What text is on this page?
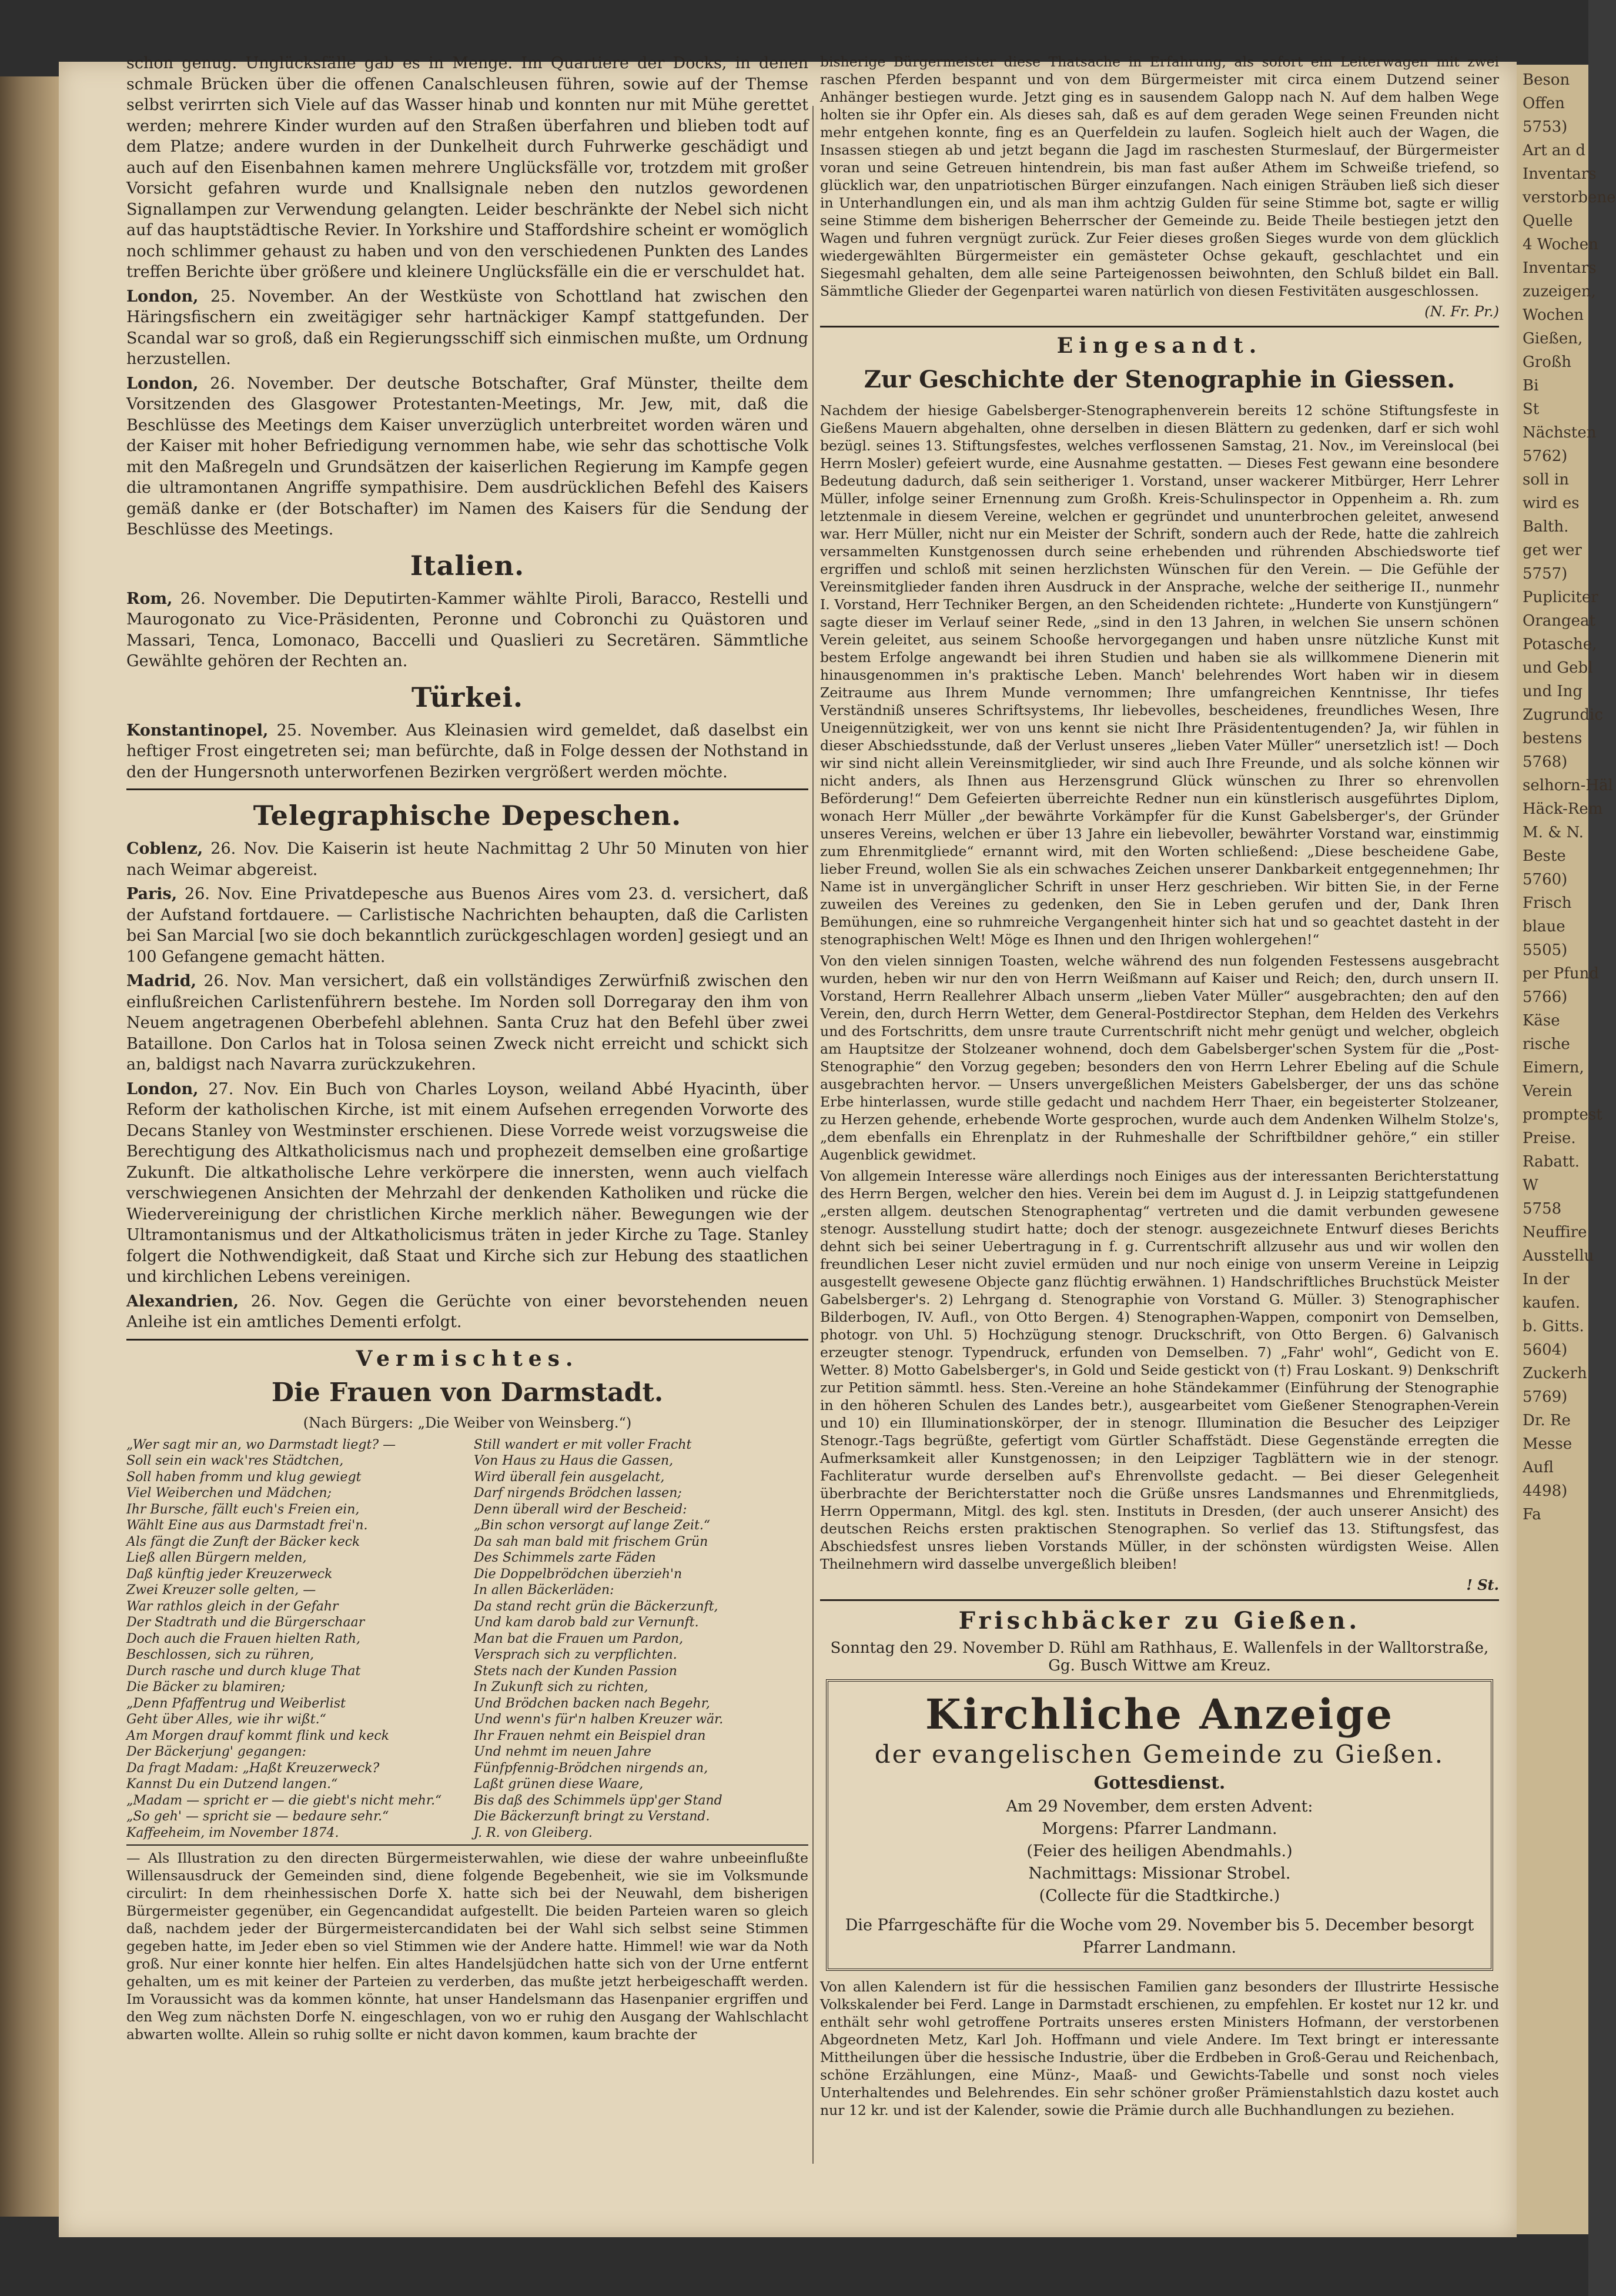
Beson
Offen
5753)
Art an d
Inventars
verstorbene
Quelle
4 Wochen
Inventars
zuzeigen,
Wochen
Gießen,
Großh
Bi
St
Nächsten
5762)
soll in
wird es
Balth.
get wer
5757)
Pupliciter
Orangeat
Potasche,
und Gebl
und Ing
Zugrundic
bestens
5768)
selhorn-Häl
Häck-Rem
M. & N.
Beste
5760)
Frisch
blaue
5505)
per Pfund
5766)
Käse
rische
Eimern,
Verein
promptest
Preise.
Rabatt.
W
5758
Neuffire
Ausstellu
In der
kaufen.
b. Gitts.
5604)
Zuckerh
5769)
Dr. Re
Messe
Aufl
4498)
Fa

schon genug. Unglücksfälle gab es in Menge. Im Quartiere der Docks, in denen schmale Brücken über die offenen Canalschleusen führen, sowie auf der Themse selbst verirrten sich Viele auf das Wasser hinab und konnten nur mit Mühe gerettet werden; mehrere Kinder wurden auf den Straßen überfahren und blieben todt auf dem Platze; andere wurden in der Dunkelheit durch Fuhrwerke geschädigt und auch auf den Eisenbahnen kamen mehrere Unglücksfälle vor, trotzdem mit großer Vorsicht gefahren wurde und Knallsignale neben den nutzlos gewordenen Signallampen zur Verwendung gelangten. Leider beschränkte der Nebel sich nicht auf das hauptstädtische Revier. In Yorkshire und Staffordshire scheint er womöglich noch schlimmer gehaust zu haben und von den verschiedenen Punkten des Landes treffen Berichte über größere und kleinere Unglücksfälle ein die er verschuldet hat.

London, 25. November. An der Westküste von Schottland hat zwischen den Häringsfischern ein zweitägiger sehr hartnäckiger Kampf stattgefunden. Der Scandal war so groß, daß ein Regierungsschiff sich einmischen mußte, um Ordnung herzustellen.

London, 26. November. Der deutsche Botschafter, Graf Münster, theilte dem Vorsitzenden des Glasgower Protestanten-Meetings, Mr. Jew, mit, daß die Beschlüsse des Meetings dem Kaiser unverzüglich unterbreitet worden wären und der Kaiser mit hoher Befriedigung vernommen habe, wie sehr das schottische Volk mit den Maßregeln und Grundsätzen der kaiserlichen Regierung im Kampfe gegen die ultramontanen Angriffe sympathisire. Dem ausdrücklichen Befehl des Kaisers gemäß danke er (der Botschafter) im Namen des Kaisers für die Sendung der Beschlüsse des Meetings.

Italien.

Rom, 26. November. Die Deputirten-Kammer wählte Piroli, Baracco, Restelli und Maurogonato zu Vice-Präsidenten, Peronne und Cobronchi zu Quästoren und Massari, Tenca, Lomonaco, Baccelli und Quaslieri zu Secretären. Sämmtliche Gewählte gehören der Rechten an.

Türkei.

Konstantinopel, 25. November. Aus Kleinasien wird gemeldet, daß daselbst ein heftiger Frost eingetreten sei; man befürchte, daß in Folge dessen der Nothstand in den der Hungersnoth unterworfenen Bezirken vergrößert werden möchte.

Telegraphische Depeschen.

Coblenz, 26. Nov. Die Kaiserin ist heute Nachmittag 2 Uhr 50 Minuten von hier nach Weimar abgereist.

Paris, 26. Nov. Eine Privatdepesche aus Buenos Aires vom 23. d. versichert, daß der Aufstand fortdauere. — Carlistische Nachrichten behaupten, daß die Carlisten bei San Marcial [wo sie doch bekanntlich zurückgeschlagen worden] gesiegt und an 100 Gefangene gemacht hätten.

Madrid, 26. Nov. Man versichert, daß ein vollständiges Zerwürfniß zwischen den einflußreichen Carlistenführern bestehe. Im Norden soll Dorregaray den ihm von Neuem angetragenen Oberbefehl ablehnen. Santa Cruz hat den Befehl über zwei Bataillone. Don Carlos hat in Tolosa seinen Zweck nicht erreicht und schickt sich an, baldigst nach Navarra zurückzukehren.

London, 27. Nov. Ein Buch von Charles Loyson, weiland Abbé Hyacinth, über Reform der katholischen Kirche, ist mit einem Aufsehen erregenden Vorworte des Decans Stanley von Westminster erschienen. Diese Vorrede weist vorzugsweise die Berechtigung des Altkatholicismus nach und prophezeit demselben eine großartige Zukunft. Die altkatholische Lehre verkörpere die innersten, wenn auch vielfach verschwiegenen Ansichten der Mehrzahl der denkenden Katholiken und rücke die Wiedervereinigung der christlichen Kirche merklich näher. Bewegungen wie der Ultramontanismus und der Altkatholicismus träten in jeder Kirche zu Tage. Stanley folgert die Nothwendigkeit, daß Staat und Kirche sich zur Hebung des staatlichen und kirchlichen Lebens vereinigen.

Alexandrien, 26. Nov. Gegen die Gerüchte von einer bevorstehenden neuen Anleihe ist ein amtliches Dementi erfolgt.

Vermischtes.
Die Frauen von Darmstadt.
(Nach Bürgers: „Die Weiber von Weinsberg.“)
„Wer sagt mir an, wo Darmstadt liegt? —
Soll sein ein wack'res Städtchen,
Soll haben fromm und klug gewiegt
Viel Weiberchen und Mädchen;
Ihr Bursche, fällt euch's Freien ein,
Wählt Eine aus aus Darmstadt frei'n.
Als fängt die Zunft der Bäcker keck
Ließ allen Bürgern melden,
Daß künftig jeder Kreuzerweck
Zwei Kreuzer solle gelten, —
War rathlos gleich in der Gefahr
Der Stadtrath und die Bürgerschaar
Doch auch die Frauen hielten Rath,
Beschlossen, sich zu rühren,
Durch rasche und durch kluge That
Die Bäcker zu blamiren;
„Denn Pfaffentrug und Weiberlist
Geht über Alles, wie ihr wißt.“
Am Morgen drauf kommt flink und keck
Der Bäckerjung' gegangen:
Da fragt Madam: „Haßt Kreuzerweck?
Kannst Du ein Dutzend langen.“
„Madam — spricht er — die giebt's nicht mehr.“
„So geh' — spricht sie — bedaure sehr.“
Kaffeeheim, im November 1874.
Still wandert er mit voller Fracht
Von Haus zu Haus die Gassen,
Wird überall fein ausgelacht,
Darf nirgends Brödchen lassen;
Denn überall wird der Bescheid:
„Bin schon versorgt auf lange Zeit.“
Da sah man bald mit frischem Grün
Des Schimmels zarte Fäden
Die Doppelbrödchen überzieh'n
In allen Bäckerläden:
Da stand recht grün die Bäckerzunft,
Und kam darob bald zur Vernunft.
Man bat die Frauen um Pardon,
Versprach sich zu verpflichten.
Stets nach der Kunden Passion
In Zukunft sich zu richten,
Und Brödchen backen nach Begehr,
Und wenn's für'n halben Kreuzer wär.
Ihr Frauen nehmt ein Beispiel dran
Und nehmt im neuen Jahre
Fünfpfennig-Brödchen nirgends an,
Laßt grünen diese Waare,
Bis daß des Schimmels üpp'ger Stand
Die Bäckerzunft bringt zu Verstand.
J. R. von Gleiberg.

— Als Illustration zu den directen Bürgermeisterwahlen, wie diese der wahre unbeeinflußte Willensausdruck der Gemeinden sind, diene folgende Begebenheit, wie sie im Volksmunde circulirt: In dem rheinhessischen Dorfe X. hatte sich bei der Neuwahl, dem bisherigen Bürgermeister gegenüber, ein Gegencandidat aufgestellt. Die beiden Parteien waren so gleich daß, nachdem jeder der Bürgermeistercandidaten bei der Wahl sich selbst seine Stimmen gegeben hatte, im Jeder eben so viel Stimmen wie der Andere hatte. Himmel! wie war da Noth groß. Nur einer konnte hier helfen. Ein altes Handelsjüdchen hatte sich von der Urne entfernt gehalten, um es mit keiner der Parteien zu verderben, das mußte jetzt herbeigeschafft werden. Im Voraussicht was da kommen könnte, hat unser Handelsmann das Hasenpanier ergriffen und den Weg zum nächsten Dorfe N. eingeschlagen, von wo er ruhig den Ausgang der Wahlschlacht abwarten wollte. Allein so ruhig sollte er nicht davon kommen, kaum brachte der

bisherige Bürgermeister diese Thatsache in Erfahrung, als sofort ein Leiterwagen mit zwei raschen Pferden bespannt und von dem Bürgermeister mit circa einem Dutzend seiner Anhänger bestiegen wurde. Jetzt ging es in sausendem Galopp nach N. Auf dem halben Wege holten sie ihr Opfer ein. Als dieses sah, daß es auf dem geraden Wege seinen Freunden nicht mehr entgehen konnte, fing es an Querfeldein zu laufen. Sogleich hielt auch der Wagen, die Insassen stiegen ab und jetzt begann die Jagd im raschesten Sturmeslauf, der Bürgermeister voran und seine Getreuen hintendrein, bis man fast außer Athem im Schweiße triefend, so glücklich war, den unpatriotischen Bürger einzufangen. Nach einigen Sträuben ließ sich dieser in Unterhandlungen ein, und als man ihm achtzig Gulden für seine Stimme bot, sagte er willig seine Stimme dem bisherigen Beherrscher der Gemeinde zu. Beide Theile bestiegen jetzt den Wagen und fuhren vergnügt zurück. Zur Feier dieses großen Sieges wurde von dem glücklich wiedergewählten Bürgermeister ein gemästeter Ochse gekauft, geschlachtet und ein Siegesmahl gehalten, dem alle seine Parteigenossen beiwohnten, den Schluß bildet ein Ball. Sämmtliche Glieder der Gegenpartei waren natürlich von diesen Festivitäten ausgeschlossen.

(N. Fr. Pr.)
Eingesandt.
Zur Geschichte der Stenographie in Giessen.

Nachdem der hiesige Gabelsberger-Stenographenverein bereits 12 schöne Stiftungsfeste in Gießens Mauern abgehalten, ohne derselben in diesen Blättern zu gedenken, darf er sich wohl bezügl. seines 13. Stiftungsfestes, welches verflossenen Samstag, 21. Nov., im Vereinslocal (bei Herrn Mosler) gefeiert wurde, eine Ausnahme gestatten. — Dieses Fest gewann eine besondere Bedeutung dadurch, daß sein seitheriger 1. Vorstand, unser wackerer Mitbürger, Herr Lehrer Müller, infolge seiner Ernennung zum Großh. Kreis-Schulinspector in Oppenheim a. Rh. zum letztenmale in diesem Vereine, welchen er gegründet und ununterbrochen geleitet, anwesend war. Herr Müller, nicht nur ein Meister der Schrift, sondern auch der Rede, hatte die zahlreich versammelten Kunstgenossen durch seine erhebenden und rührenden Abschiedsworte tief ergriffen und schloß mit seinen herzlichsten Wünschen für den Verein. — Die Gefühle der Vereinsmitglieder fanden ihren Ausdruck in der Ansprache, welche der seitherige II., nunmehr I. Vorstand, Herr Techniker Bergen, an den Scheidenden richtete: „Hunderte von Kunstjüngern“ sagte dieser im Verlauf seiner Rede, „sind in den 13 Jahren, in welchen Sie unsern schönen Verein geleitet, aus seinem Schooße hervorgegangen und haben unsre nützliche Kunst mit bestem Erfolge angewandt bei ihren Studien und haben sie als willkommene Dienerin mit hinausgenommen in's praktische Leben. Manch' belehrendes Wort haben wir in diesem Zeitraume aus Ihrem Munde vernommen; Ihre umfangreichen Kenntnisse, Ihr tiefes Verständniß unseres Schriftsystems, Ihr liebevolles, bescheidenes, freundliches Wesen, Ihre Uneigennützigkeit, wer von uns kennt sie nicht Ihre Präsidententugenden? Ja, wir fühlen in dieser Abschiedsstunde, daß der Verlust unseres „lieben Vater Müller“ unersetzlich ist! — Doch wir sind nicht allein Vereinsmitglieder, wir sind auch Ihre Freunde, und als solche können wir nicht anders, als Ihnen aus Herzensgrund Glück wünschen zu Ihrer so ehrenvollen Beförderung!“ Dem Gefeierten überreichte Redner nun ein künstlerisch ausgeführtes Diplom, wonach Herr Müller „der bewährte Vorkämpfer für die Kunst Gabelsberger's, der Gründer unseres Vereins, welchen er über 13 Jahre ein liebevoller, bewährter Vorstand war, einstimmig zum Ehrenmitgliede“ ernannt wird, mit den Worten schließend: „Diese bescheidene Gabe, lieber Freund, wollen Sie als ein schwaches Zeichen unserer Dankbarkeit entgegennehmen; Ihr Name ist in unvergänglicher Schrift in unser Herz geschrieben. Wir bitten Sie, in der Ferne zuweilen des Vereines zu gedenken, den Sie in Leben gerufen und der, Dank Ihren Bemühungen, eine so ruhmreiche Vergangenheit hinter sich hat und so geachtet dasteht in der stenographischen Welt! Möge es Ihnen und den Ihrigen wohlergehen!“

Von den vielen sinnigen Toasten, welche während des nun folgenden Festessens ausgebracht wurden, heben wir nur den von Herrn Weißmann auf Kaiser und Reich; den, durch unsern II. Vorstand, Herrn Reallehrer Albach unserm „lieben Vater Müller“ ausgebrachten; den auf den Verein, den, durch Herrn Wetter, dem General-Postdirector Stephan, dem Helden des Verkehrs und des Fortschritts, dem unsre traute Currentschrift nicht mehr genügt und welcher, obgleich am Hauptsitze der Stolzeaner wohnend, doch dem Gabelsberger'schen System für die „Post-Stenographie“ den Vorzug gegeben; besonders den von Herrn Lehrer Ebeling auf die Schule ausgebrachten hervor. — Unsers unvergeßlichen Meisters Gabelsberger, der uns das schöne Erbe hinterlassen, wurde stille gedacht und nachdem Herr Thaer, ein begeisterter Stolzeaner, zu Herzen gehende, erhebende Worte gesprochen, wurde auch dem Andenken Wilhelm Stolze's, „dem ebenfalls ein Ehrenplatz in der Ruhmeshalle der Schriftbildner gehöre,“ ein stiller Augenblick gewidmet.

Von allgemein Interesse wäre allerdings noch Einiges aus der interessanten Berichterstattung des Herrn Bergen, welcher den hies. Verein bei dem im August d. J. in Leipzig stattgefundenen „ersten allgem. deutschen Stenographentag“ vertreten und die damit verbunden gewesene stenogr. Ausstellung studirt hatte; doch der stenogr. ausgezeichnete Entwurf dieses Berichts dehnt sich bei seiner Uebertragung in f. g. Currentschrift allzusehr aus und wir wollen den freundlichen Leser nicht zuviel ermüden und nur noch einige von unserm Vereine in Leipzig ausgestellt gewesene Objecte ganz flüchtig erwähnen. 1) Handschriftliches Bruchstück Meister Gabelsberger's. 2) Lehrgang d. Stenographie von Vorstand G. Müller. 3) Stenographischer Bilderbogen, IV. Aufl., von Otto Bergen. 4) Stenographen-Wappen, componirt von Demselben, photogr. von Uhl. 5) Hochzügung stenogr. Druckschrift, von Otto Bergen. 6) Galvanisch erzeugter stenogr. Typendruck, erfunden von Demselben. 7) „Fahr' wohl“, Gedicht von E. Wetter. 8) Motto Gabelsberger's, in Gold und Seide gestickt von (†) Frau Loskant. 9) Denkschrift zur Petition sämmtl. hess. Sten.-Vereine an hohe Ständekammer (Einführung der Stenographie in den höheren Schulen des Landes betr.), ausgearbeitet vom Gießener Stenographen-Verein und 10) ein Illuminationskörper, der in stenogr. Illumination die Besucher des Leipziger Stenogr.-Tags begrüßte, gefertigt vom Gürtler Schaffstädt. Diese Gegenstände erregten die Aufmerksamkeit aller Kunstgenossen; in den Leipziger Tagblättern wie in der stenogr. Fachliteratur wurde derselben auf's Ehrenvollste gedacht. — Bei dieser Gelegenheit überbrachte der Berichterstatter noch die Grüße unsres Landsmannes und Ehrenmitglieds, Herrn Oppermann, Mitgl. des kgl. sten. Instituts in Dresden, (der auch unserer Ansicht) des deutschen Reichs ersten praktischen Stenographen. So verlief das 13. Stiftungsfest, das Abschiedsfest unsres lieben Vorstands Müller, in der schönsten würdigsten Weise. Allen Theilnehmern wird dasselbe unvergeßlich bleiben!

! St.
Frischbäcker zu Gießen.

Sonntag den 29. November D. Rühl am Rathhaus, E. Wallenfels in der Walltorstraße, Gg. Busch Wittwe am Kreuz.

Kirchliche Anzeige
der evangelischen Gemeinde zu Gießen.
Gottesdienst.
Am 29 November, dem ersten Advent:
Morgens: Pfarrer Landmann.
(Feier des heiligen Abendmahls.)
Nachmittags: Missionar Strobel.
(Collecte für die Stadtkirche.)
Die Pfarrgeschäfte für die Woche vom 29. November bis 5. December besorgt Pfarrer Landmann.

Von allen Kalendern ist für die hessischen Familien ganz besonders der Illustrirte Hessische Volkskalender bei Ferd. Lange in Darmstadt erschienen, zu empfehlen. Er kostet nur 12 kr. und enthält sehr wohl getroffene Portraits unseres ersten Ministers Hofmann, der verstorbenen Abgeordneten Metz, Karl Joh. Hoffmann und viele Andere. Im Text bringt er interessante Mittheilungen über die hessische Industrie, über die Erdbeben in Groß-Gerau und Reichenbach, schöne Erzählungen, eine Münz-, Maaß- und Gewichts-Tabelle und sonst noch vieles Unterhaltendes und Belehrendes. Ein sehr schöner großer Prämienstahlstich dazu kostet auch nur 12 kr. und ist der Kalender, sowie die Prämie durch alle Buchhandlungen zu beziehen.
